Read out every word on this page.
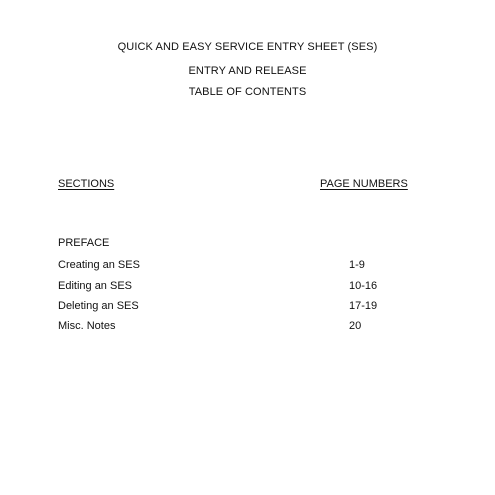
QUICK AND EASY SERVICE ENTRY SHEET (SES)
ENTRY AND RELEASE
TABLE OF CONTENTS
SECTIONS	PAGE NUMBERS
PREFACE
Creating an SES	1-9
Editing an SES	10-16
Deleting an SES	17-19
Misc. Notes	20
